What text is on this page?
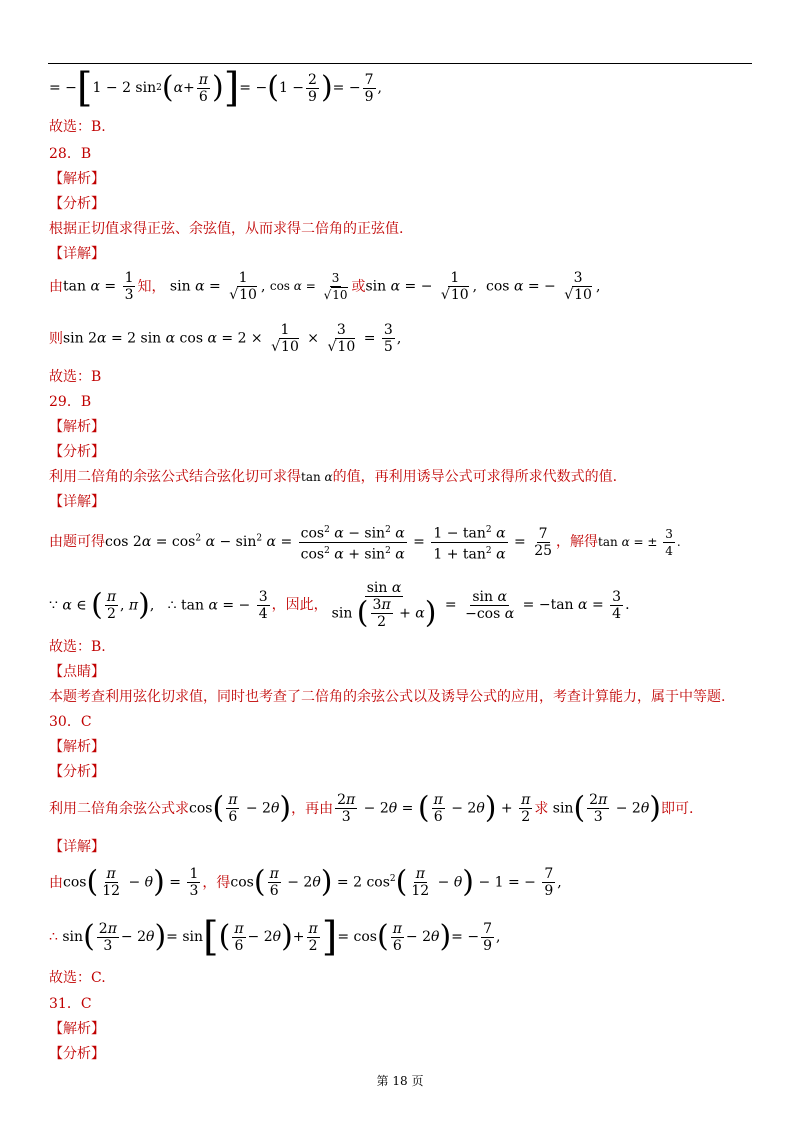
= − [ 1 − 2 sin 2 ( α +
π
6 ) ] = − ( 1 −
2
9 ) = −
7
9
,
故选：B.
28．B
【解析】
【分析】
根据正切值求得正弦、余弦值，从而求得二倍角的正弦值.
【详解】
由 $\tan \alpha = \frac{1}{3}$ 知， $\sin \alpha = \frac{1}{√10}$ , $\cos \alpha = \frac{3}{√10}$ 或 sin α = − $\frac{1}{√10}$ ,  cos α = − $\frac{3}{√10}$ ,
则 sin 2α = 2 sin α $\cos \alpha = 2 \times \frac{1}{√10} \times \frac{3}{√10} = \frac{3}{5}$ ,
故选：B
29．B
【解析】
【分析】
利用二倍角的余弦公式结合弦化切可求得tan α的值，再利用诱导公式可求得所求代数式的值.
【详解】
由题可得 $\cos 2\alpha = \cos^2 \alpha - \sin^2 \alpha = \frac{\cos^2 \alpha - \sin^2 \alpha}{\cos^2 \alpha + \sin^2 \alpha} = \frac{1 - \tan^2 \alpha}{1 + \tan^2 \alpha} = \frac{7}{25}$ ，解得 tan α = ± $\frac{3}{4}$ .
∵ α ∈ ( $\frac{\pi}{2}$ , π),   ∴ tan α = − $\frac{3}{4}$ ，因此， $\frac{\text{sin α}}{\sin ( \frac{3\pi}{2} + \alpha)} = \frac{\text{sin α}}{\text{−cos α}} = -\tan$ $\alpha = \frac{3}{4}$ .
故选：B.
【点睛】
本题考查利用弦化切求值，同时也考查了二倍角的余弦公式以及诱导公式的应用，考查计算能力，属于中等题.
30．C
【解析】
【分析】
利用二倍角余弦公式求 $\cos( \frac{\pi}{6} - 2\theta)$ ，再由 $\frac{2\pi}{3} - 2\theta$ = ( $\frac{\pi}{6} - 2\theta) + \frac{\pi}{2}$ 求 $\sin( \frac{2\pi}{3} - 2\theta)$ 即可.
【详解】
由 $\cos( \frac{\pi}{12} - \theta) = \frac{1}{3}$ ，得 $\cos( \frac{\pi}{6} - 2\theta) = 2$ $\cos^2( \frac{\pi}{12} - \theta) - 1$ = − $\frac{7}{9}$ ,
∴ sin ( 2π
3
− 2 θ ) = sin [ ( π
6
− 2 θ ) +
π
2 ] = cos ( π
6
− 2 θ ) = −
7
9
,
故选：C.
31．C
【解析】
【分析】
第 18 页
